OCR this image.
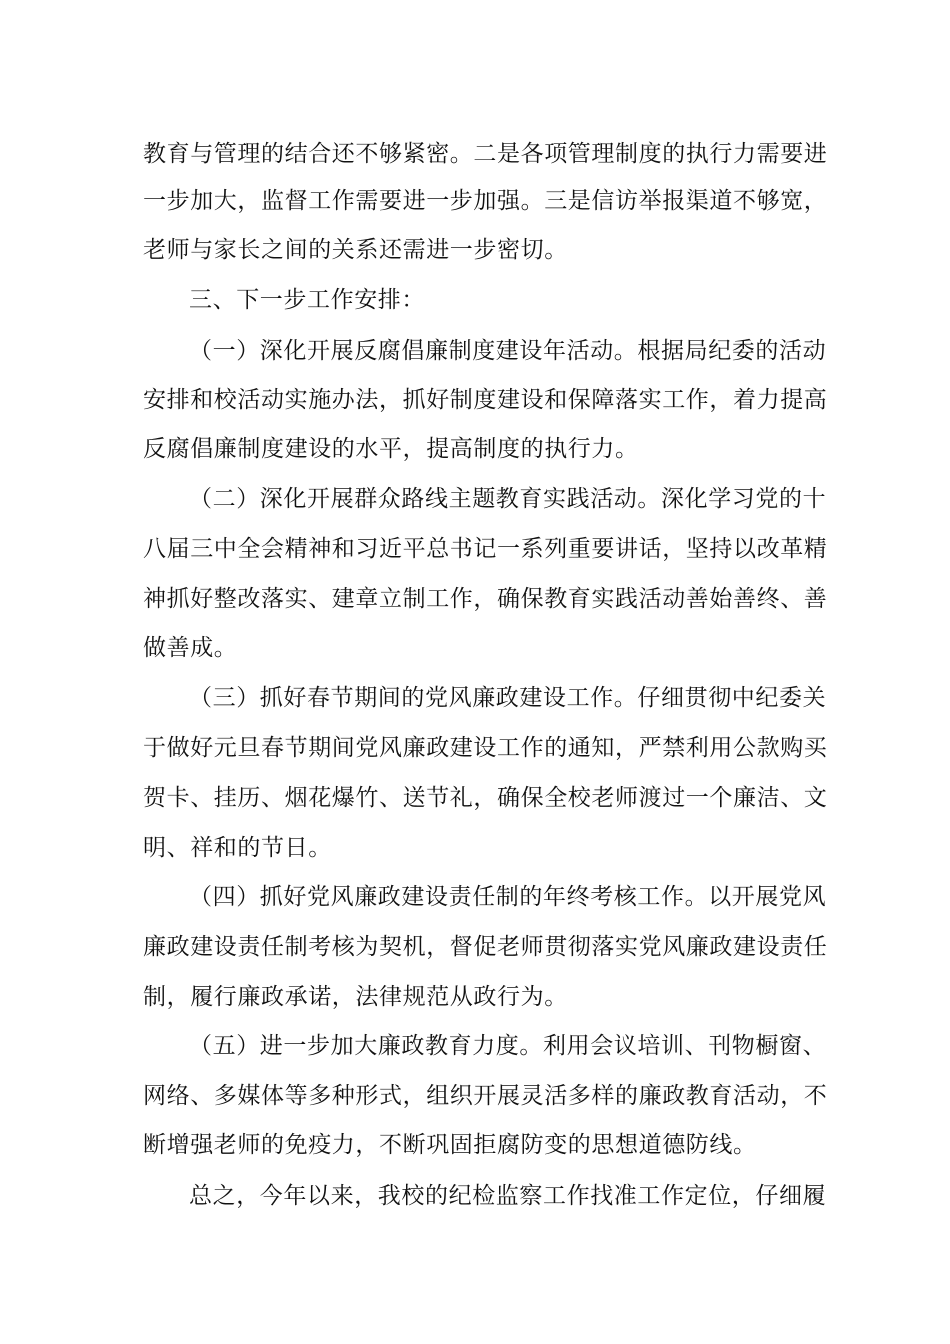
教育与管理的结合还不够紧密。二是各项管理制度的执行力需要进
一步加大，监督工作需要进一步加强。三是信访举报渠道不够宽，
老师与家长之间的关系还需进一步密切。
三、下一步工作安排：
（一）深化开展反腐倡廉制度建设年活动。根据局纪委的活动
安排和校活动实施办法，抓好制度建设和保障落实工作，着力提高
反腐倡廉制度建设的水平，提高制度的执行力。
（二）深化开展群众路线主题教育实践活动。深化学习党的十
八届三中全会精神和习近平总书记一系列重要讲话，坚持以改革精
神抓好整改落实、建章立制工作，确保教育实践活动善始善终、善
做善成。
（三）抓好春节期间的党风廉政建设工作。仔细贯彻中纪委关
于做好元旦春节期间党风廉政建设工作的通知，严禁利用公款购买
贺卡、挂历、烟花爆竹、送节礼，确保全校老师渡过一个廉洁、文
明、祥和的节日。
（四）抓好党风廉政建设责任制的年终考核工作。以开展党风
廉政建设责任制考核为契机，督促老师贯彻落实党风廉政建设责任
制，履行廉政承诺，法律规范从政行为。
（五）进一步加大廉政教育力度。利用会议培训、刊物橱窗、
网络、多媒体等多种形式，组织开展灵活多样的廉政教育活动，不
断增强老师的免疫力，不断巩固拒腐防变的思想道德防线。
总之，今年以来，我校的纪检监察工作找准工作定位，仔细履
